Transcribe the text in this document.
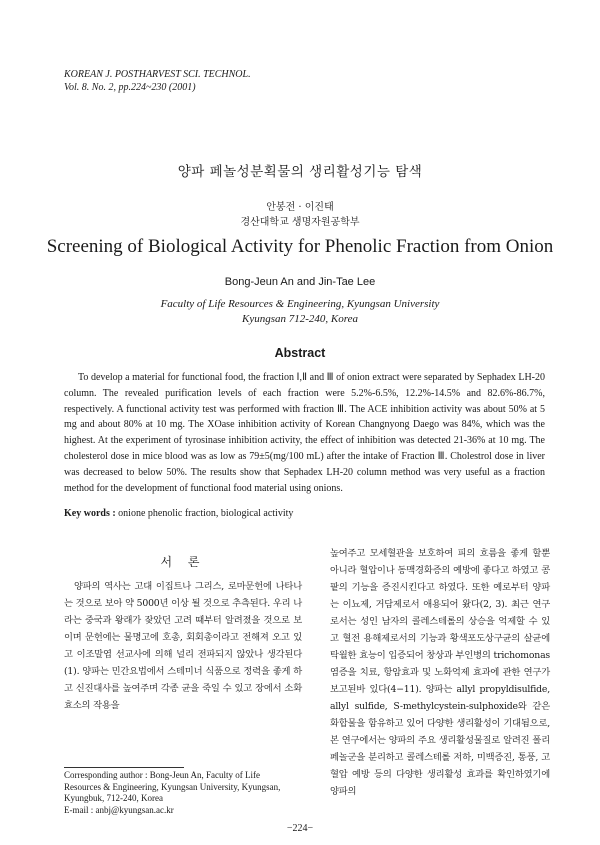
KOREAN J. POSTHARVEST SCI. TECHNOL.
Vol. 8. No. 2, pp.224~230 (2001)
양파 페놀성분획물의 생리활성기능 탐색
안봉전 · 이진태
경산대학교 생명자원공학부
Screening of Biological Activity for Phenolic Fraction from Onion
Bong-Jeun An and Jin-Tae Lee
Faculty of Life Resources & Engineering, Kyungsan University
Kyungsan 712-240, Korea
Abstract
To develop a material for functional food, the fraction Ⅰ,Ⅱ and Ⅲ of onion extract were separated by Sephadex LH-20 column. The revealed purification levels of each fraction were 5.2%-6.5%, 12.2%-14.5% and 82.6%-86.7%, respectively. A functional activity test was performed with fraction Ⅲ. The ACE inhibition activity was about 50% at 5 mg and about 80% at 10 mg. The XOase inhibition activity of Korean Changnyong Daego was 84%, which was the highest. At the experiment of tyrosinase inhibition activity, the effect of inhibition was detected 21-36% at 10 mg. The cholesterol dose in mice blood was as low as 79±5(mg/100 mL) after the intake of Fraction Ⅲ. Cholestrol dose in liver was decreased to below 50%. The results show that Sephadex LH-20 column method was very useful as a fraction method for the development of functional food material using onions.
Key words : onione phenolic fraction, biological activity
서 론
양파의 역사는 고대 이집트나 그리스, 로마문헌에 나타나는 것으로 보아 약 5000년 이상 될 것으로 추측된다. 우리 나라는 중국과 왕래가 잦았던 고려 때부터 알려졌을 것으로 보이며 문헌에는 물명고에 호총, 회회총이라고 전해져 오고 있고 이조말엽 선교사에 의해 널리 전파되지 않았나 생각된다(1). 양파는 민간요법에서 스테미너 식품으로 정력을 좋게 하고 신진대사를 높여주며 각종 균을 죽일 수 있고 장에서 소화효소의 작용을
높여주고 모세혈관을 보호하여 피의 흐름을 좋게 할뿐 아니라 혈압이나 동맥경화증의 예방에 좋다고 하였고 콩팥의 기능을 증진시킨다고 하였다. 또한 예로부터 양파는 이뇨제, 거담제로서 애용되어 왔다(2, 3). 최근 연구로서는 성인 남자의 콜레스테롤의 상승을 억제할 수 있고 혈전 용해제로서의 기능과 황색포도상구균의 살균에 탁월한 효능이 입증되어 창상과 부인병의 trichomonas 염증을 치료, 항암효과 및 노화억제 효과에 관한 연구가 보고된바 있다(4−11). 양파는 allyl propyldisulfide, allyl sulfide, S-methylcystein-sulphoxide와 같은 화합물을 함유하고 있어 다양한 생리활성이 기대됨으로, 본 연구에서는 양파의 주요 생리활성물질로 알려진 폴리페놀군을 분리하고 콜레스테롤 저하, 미백증진, 통풍, 고혈압 예방 등의 다양한 생리활성 효과를 확인하였기에 양파의
Corresponding author : Bong-Jeun An, Faculty of Life
Resources & Engineering, Kyungsan University, Kyungsan,
Kyungbuk, 712-240, Korea
E-mail : anbj@kyungsan.ac.kr
−224−
